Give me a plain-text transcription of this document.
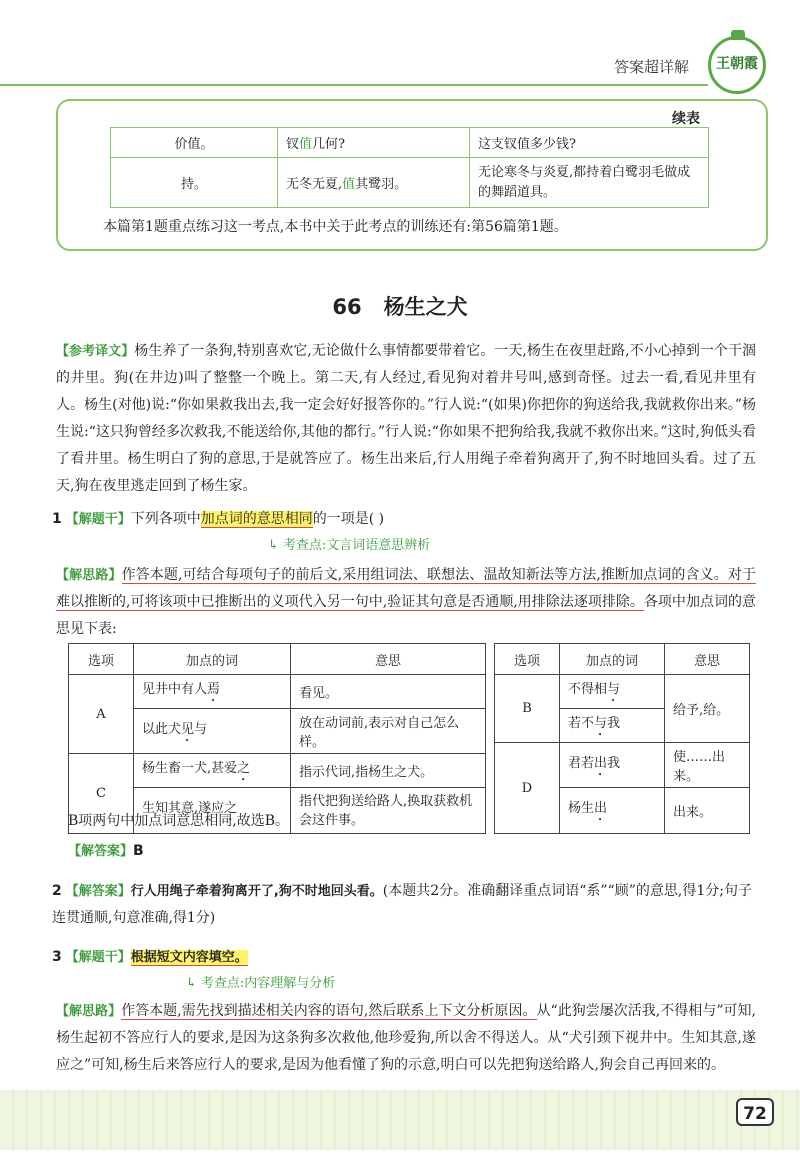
答案超详解	王朝霞
续表
价值。	钗值几何?	这支钗值多少钱?
持。	无冬无夏,值其鹭羽。	无论寒冬与炎夏,都持着白鹭羽毛做成的舞蹈道具。
本篇第1题重点练习这一考点,本书中关于此考点的训练还有:第56篇第1题。
66 杨生之犬
【参考译文】杨生养了一条狗,特别喜欢它,无论做什么事情都要带着它。一天,杨生在夜里赶路,不小心掉到一个干涸的井里。狗(在井边)叫了整整一个晚上。第二天,有人经过,看见狗对着井号叫,感到奇怪。过去一看,看见井里有人。杨生(对他)说:“你如果救我出去,我一定会好好报答你的。”行人说:“(如果)你把你的狗送给我,我就救你出来。”杨生说:“这只狗曾经多次救我,不能送给你,其他的都行。”行人说:“你如果不把狗给我,我就不救你出来。”这时,狗低头看了看井里。杨生明白了狗的意思,于是就答应了。杨生出来后,行人用绳子牵着狗离开了,狗不时地回头看。过了五天,狗在夜里逃走回到了杨生家。
1 【解题干】下列各项中加点词的意思相同的一项是( )
↳ 考查点:文言词语意思辨析
【解思路】作答本题,可结合每项句子的前后文,采用组词法、联想法、温故知新法等方法,推断加点词的含义。对于难以推断的,可将该项中已推断出的义项代入另一句中,验证其句意是否通顺,用排除法逐项排除。各项中加点词的意思见下表:
选项	加点的词	意思
A	见井中有人焉	看见。
	以此犬见与	放在动词前,表示对自己怎么样。
C	杨生畜一犬,甚爱之	指示代词,指杨生之犬。
	生知其意,遂应之	指代把狗送给路人,换取获救机会这件事。
选项	加点的词	意思
B	不得相与	给予,给。
	若不与我	
D	君若出我	使……出来。
	杨生出	出来。
B项两句中加点词意思相同,故选B。
【解答案】B
2 【解答案】行人用绳子牵着狗离开了,狗不时地回头看。(本题共2分。准确翻译重点词语“系”“顾”的意思,得1分;句子连贯通顺,句意准确,得1分)
3 【解题干】根据短文内容填空。
↳ 考查点:内容理解与分析
【解思路】作答本题,需先找到描述相关内容的语句,然后联系上下文分析原因。从“此狗尝屡次活我,不得相与”可知,杨生起初不答应行人的要求,是因为这条狗多次救他,他珍爱狗,所以舍不得送人。从“犬引颈下视井中。生知其意,遂应之”可知,杨生后来答应行人的要求,是因为他看懂了狗的示意,明白可以先把狗送给路人,狗会自己再回来的。
72
